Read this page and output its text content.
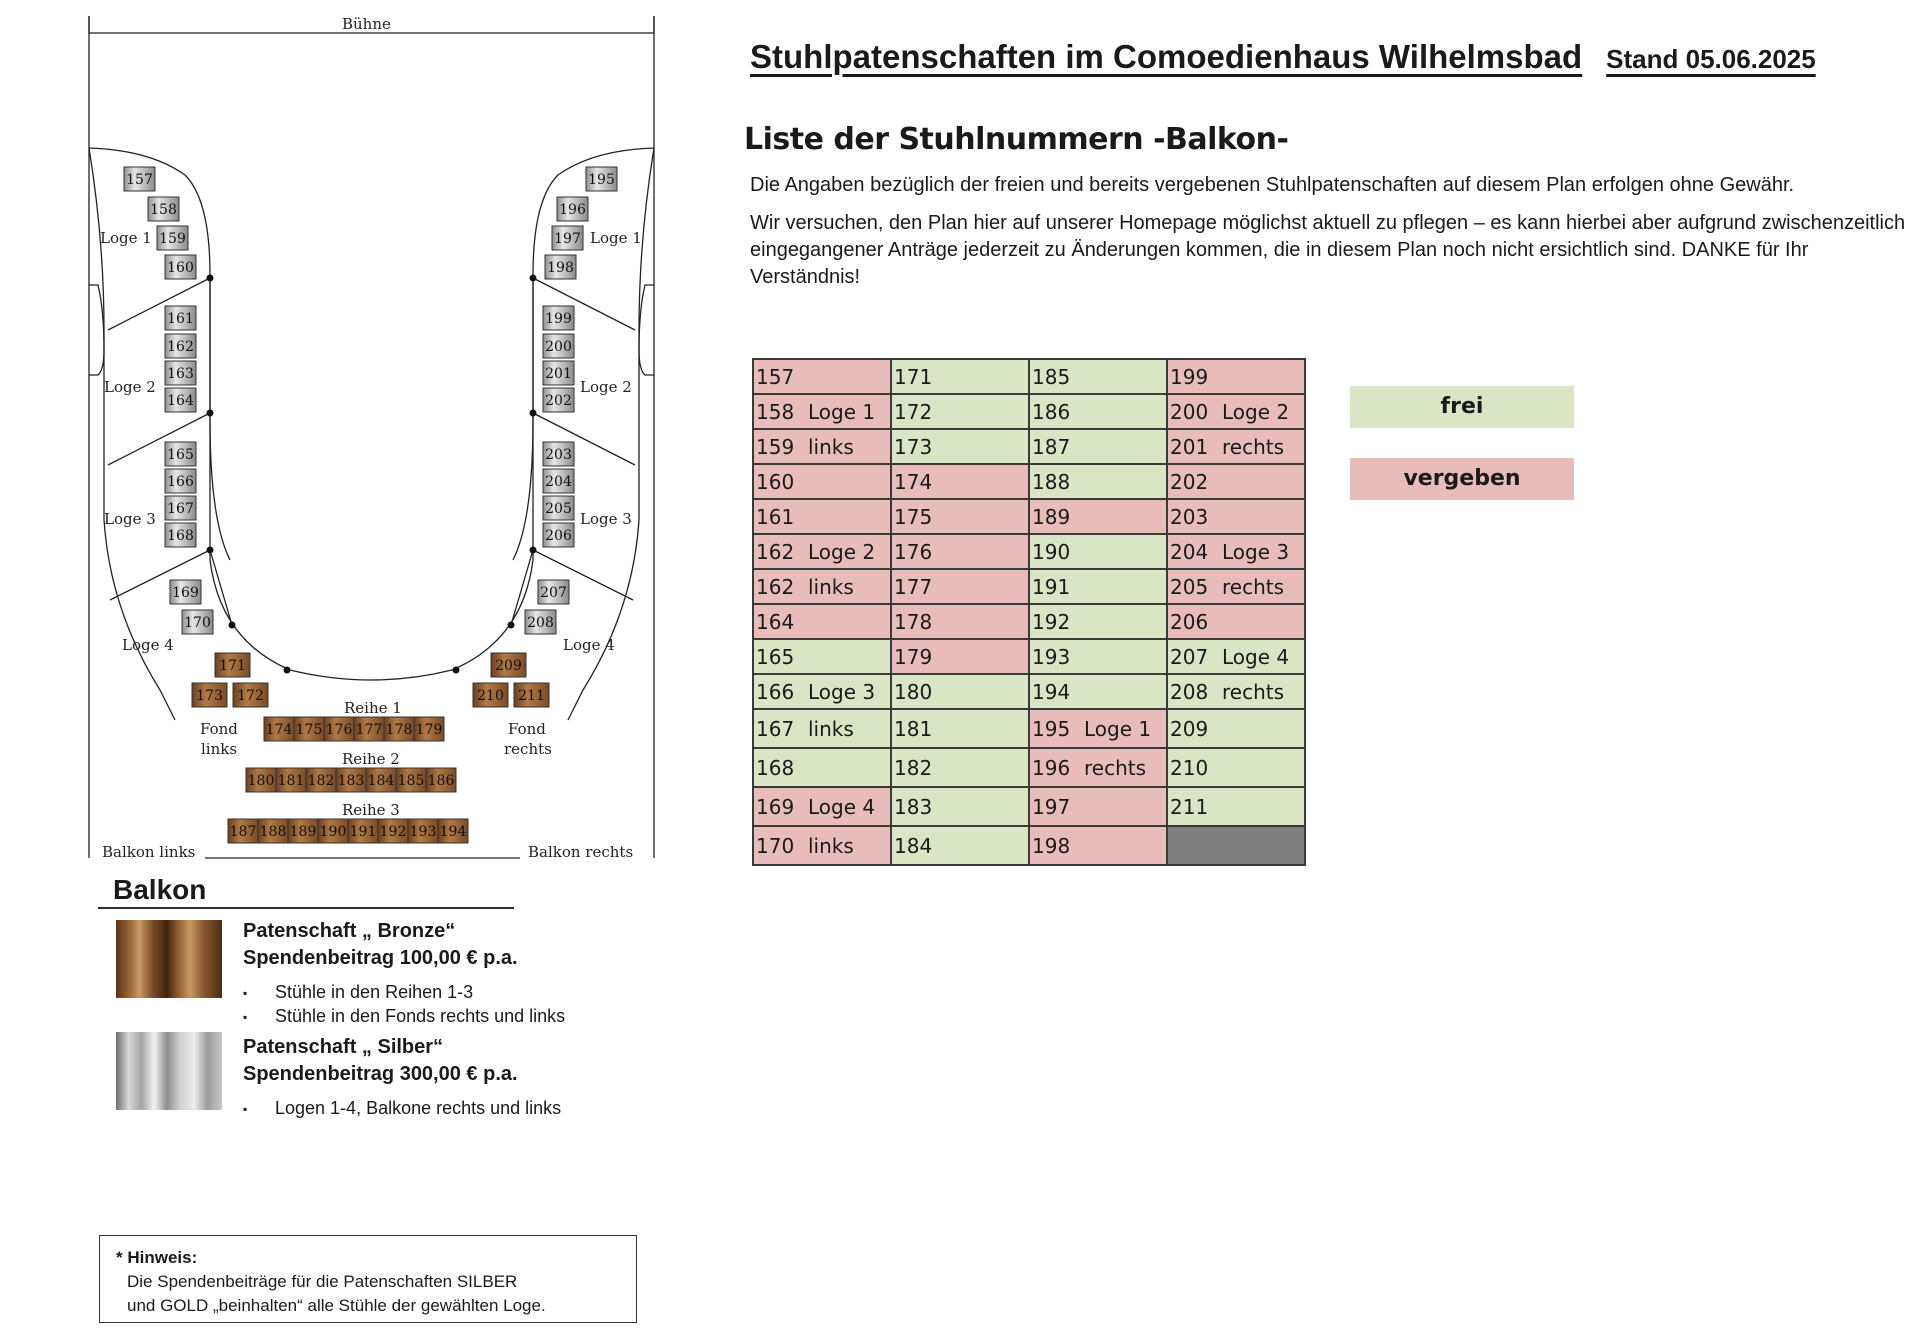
157
158
159
160
161
162
163
164
165
166
167
168
169
170
195
196
197
198
199
200
201
202
203
204
205
206
207
208
171
173 172
209
210 211
174 175 176 177 178 179
180 181 182 183 184 185 186
187 188 189 190 191 192 193 194
Bühne
Balkon links	Balkon rechts
Loge 1
Loge 2
Loge 3
Loge 4
Loge 1
Loge 2
Loge 3
Loge 4
Fond
links
Fond
rechts
Reihe 1
Reihe 2
Reihe 3
Stuhlpatenschaften im Comoedienhaus Wilhelmsbad Stand 05.06.2025
Liste der Stuhlnummern -Balkon-
Die Angaben bezüglich der freien und bereits vergebenen Stuhlpatenschaften auf diesem Plan erfolgen ohne Gewähr.
Wir versuchen, den Plan hier auf unserer Homepage möglichst aktuell zu pflegen – es kann hierbei aber aufgrund zwischenzeitlich eingegangener Anträge jederzeit zu Änderungen kommen, die in diesem Plan noch nicht ersichtlich sind. DANKE für Ihr Verständnis!
157	171	185	199
158 Loge 1	172	186	200 Loge 2
159 links	173	187	201 rechts
160	174	188	202
161	175	189	203
162 Loge 2	176	190	204 Loge 3
162 links	177	191	205 rechts
164	178	192	206
165	179	193	207 Loge 4
166 Loge 3	180	194	208 rechts
167 links	181	195 Loge 1	209
168	182	196 rechts	210
169 Loge 4	183	197	211
170 links	184	198	
frei
vergeben
Balkon
Patenschaft „ Bronze“
Spendenbeitrag 100,00 € p.a.
▪ Stühle in den Reihen 1-3
▪ Stühle in den Fonds rechts und links
Patenschaft „ Silber“
Spendenbeitrag 300,00 € p.a.
▪ Logen 1-4, Balkone rechts und links
* Hinweis:
Die Spendenbeiträge für die Patenschaften SILBER
und GOLD „beinhalten“ alle Stühle der gewählten Loge.
